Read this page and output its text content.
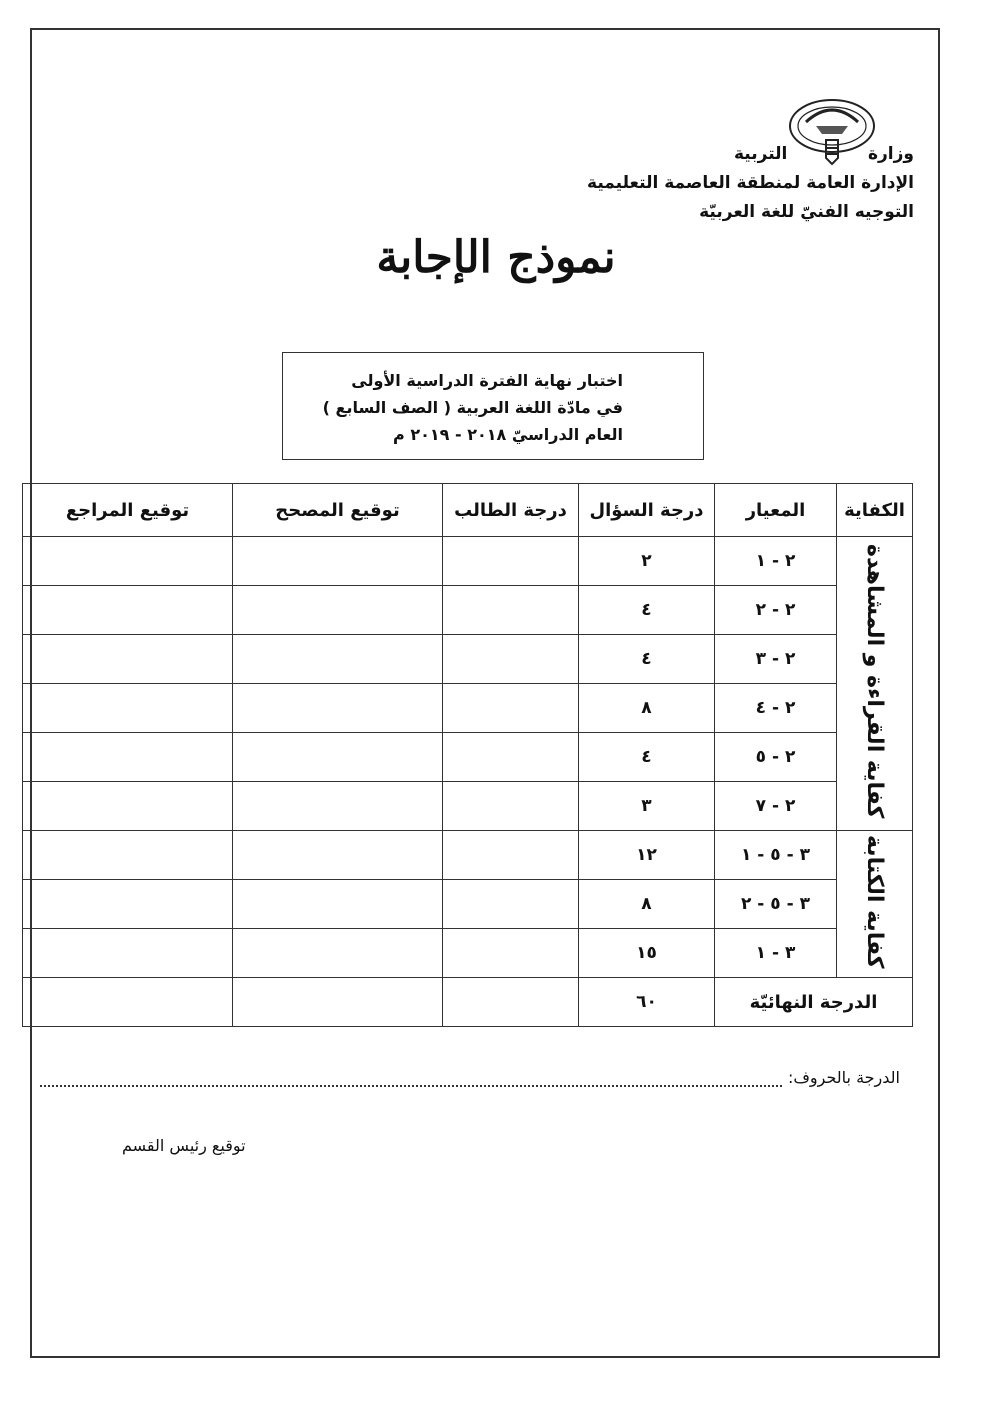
وزارة
التربية
الإدارة العامة لمنطقة العاصمة التعليمية
التوجيه الفنيّ للغة العربيّة
نموذج الإجابة
اختبار نهاية الفترة الدراسية الأولى
في مادّة اللغة العربية ( الصف السابع )
العام الدراسيّ ٢٠١٨ - ٢٠١٩ م
الكفاية	المعيار	درجة السؤال	درجة الطالب	توقيع المصحح	توقيع المراجع
كفاية القراءة و المشاهدة	٢ - ١	٢			
	٢ - ٢	٤			
	٢ - ٣	٤			
	٢ - ٤	٨			
	٢ - ٥	٤			
	٢ - ٧	٣			
كفاية الكتابة	٣ - ٥ - ١	١٢			
	٣ - ٥ - ٢	٨			
	٣ - ١	١٥			
الدرجة النهائيّة		٦٠			
الدرجة بالحروف:
توقيع رئيس القسم
